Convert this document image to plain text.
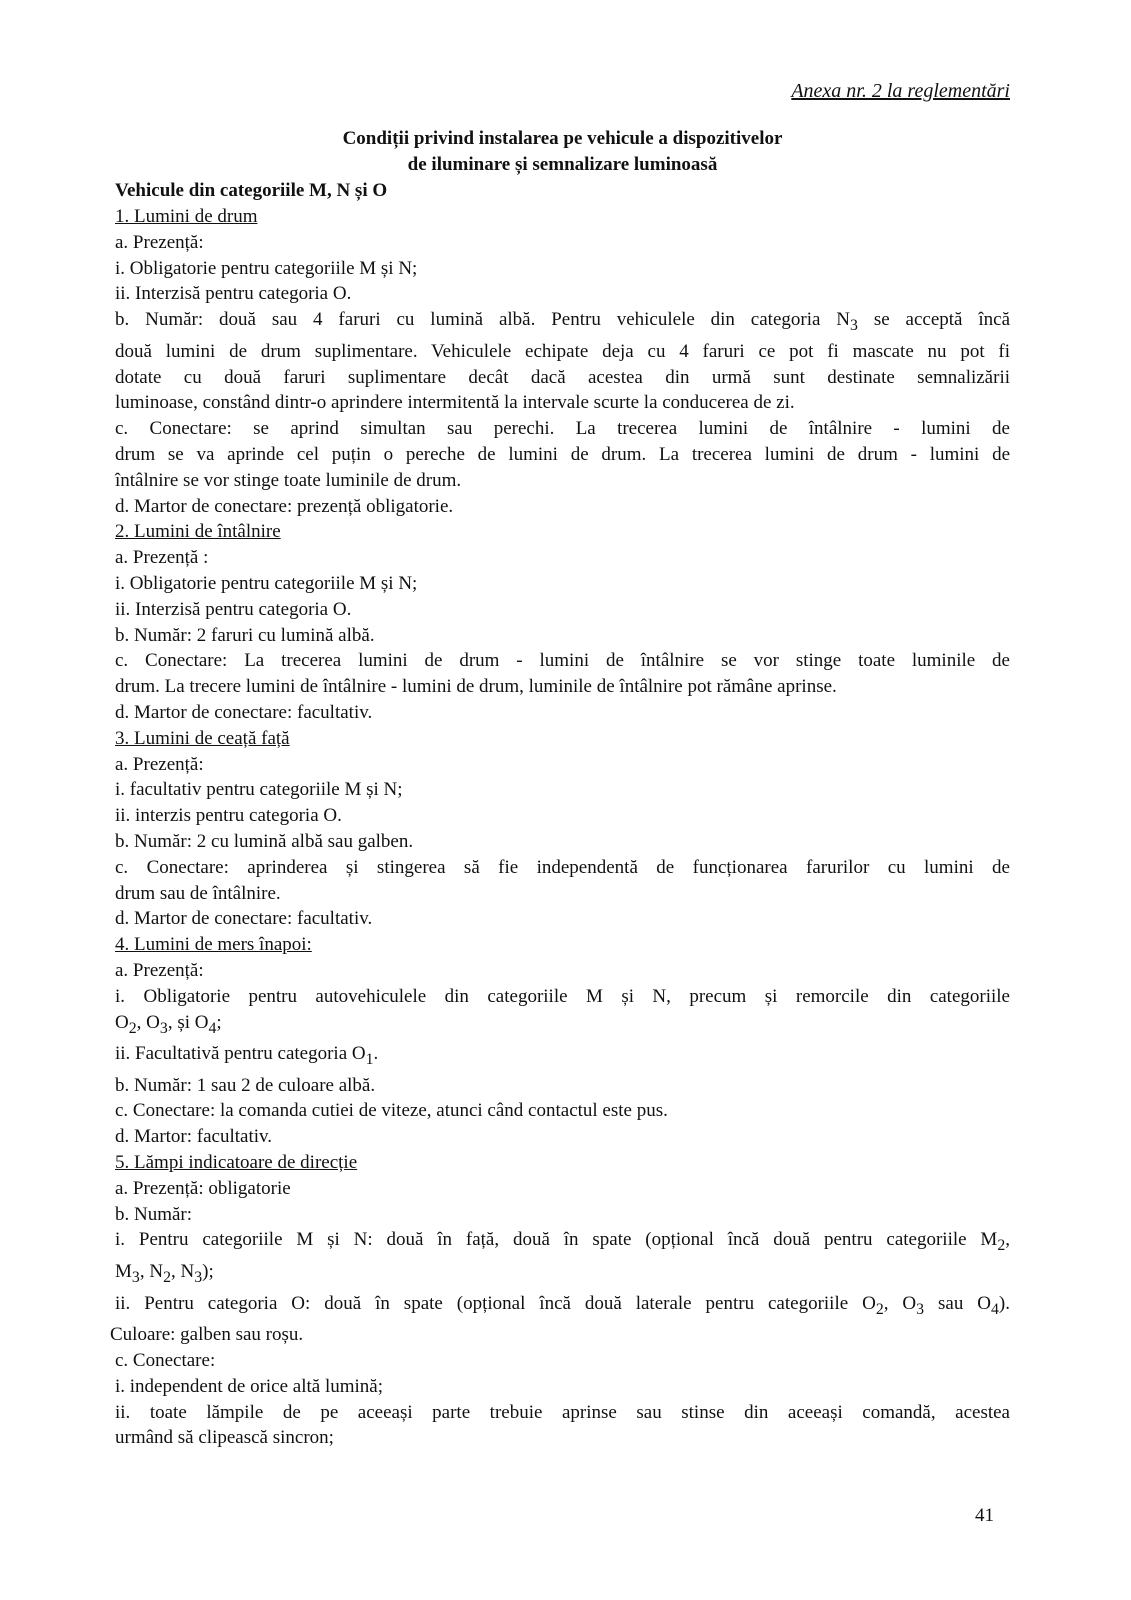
Anexa nr. 2 la reglementări
Condiții privind instalarea pe vehicule a dispozitivelor
de iluminare și semnalizare luminoasă
Vehicule din categoriile M, N și O
1. Lumini de drum
a. Prezență:
i. Obligatorie pentru categoriile M și N;
ii. Interzisă pentru categoria O.
b. Număr: două sau 4 faruri cu lumină albă. Pentru vehiculele din categoria $N_3$ se acceptă încă
două lumini de drum suplimentare. Vehiculele echipate deja cu 4 faruri ce pot fi mascate nu pot fi
dotate cu două faruri suplimentare decât dacă acestea din urmă sunt destinate semnalizării
luminoase, constând dintr-o aprindere intermitentă la intervale scurte la conducerea de zi.
c. Conectare: se aprind simultan sau perechi. La trecerea lumini de întâlnire - lumini de
drum se va aprinde cel puțin o pereche de lumini de drum. La trecerea lumini de drum - lumini de
întâlnire se vor stinge toate luminile de drum.
d. Martor de conectare: prezență obligatorie.
2. Lumini de întâlnire
a. Prezență :
i. Obligatorie pentru categoriile M și N;
ii. Interzisă pentru categoria O.
b. Număr: 2 faruri cu lumină albă.
c. Conectare: La trecerea lumini de drum - lumini de întâlnire se vor stinge toate luminile de
drum. La trecere lumini de întâlnire - lumini de drum, luminile de întâlnire pot rămâne aprinse.
d. Martor de conectare: facultativ.
3. Lumini de ceață față
a. Prezență:
i. facultativ pentru categoriile M și N;
ii. interzis pentru categoria O.
b. Număr: 2 cu lumină albă sau galben.
c. Conectare: aprinderea și stingerea să fie independentă de funcționarea farurilor cu lumini de
drum sau de întâlnire.
d. Martor de conectare: facultativ.
4. Lumini de mers înapoi:
a. Prezență:
i. Obligatorie pentru autovehiculele din categoriile M și N, precum și remorcile din categoriile
$O_2$, $O_3$, și $O_4$;
ii. Facultativă pentru categoria $O_1$.
b. Număr: 1 sau 2 de culoare albă.
c. Conectare: la comanda cutiei de viteze, atunci când contactul este pus.
d. Martor: facultativ.
5. Lămpi indicatoare de direcție
a. Prezență: obligatorie
b. Număr:
i. Pentru categoriile M și N: două în față, două în spate (opțional încă două pentru categoriile $M_2$,
$M_3$, $N_2$, $N_3$);
ii. Pentru categoria O: două în spate (opțional încă două laterale pentru categoriile $O_2$, $O_3$ sau $O_4$).
Culoare: galben sau roșu.
c. Conectare:
i. independent de orice altă lumină;
ii. toate lămpile de pe aceeași parte trebuie aprinse sau stinse din aceeași comandă, acestea
urmând să clipească sincron;
41
